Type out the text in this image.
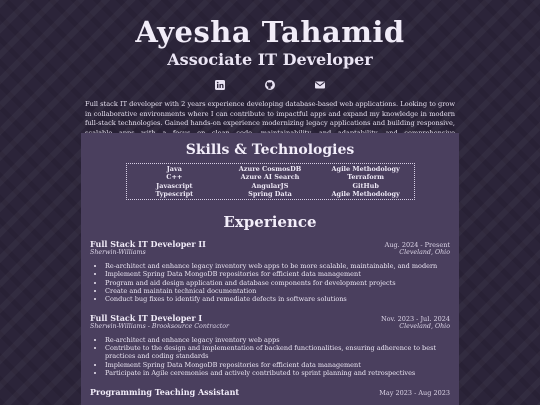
Ayesha Tahamid
Associate IT Developer

Full stack IT developer with 2 years experience developing database-based web applications. Looking to grow in collaborative environments where I can contribute to impactful apps and expand my knowledge in modern full-stack technologies. Gained hands-on experience modernizing legacy applications and building responsive,

Skills & Technologies
Java	Azure CosmosDB	Agile Methodology
C++	Azure AI Search	Terraform
Javascript	AngularJS	GitHub
Typescript	Spring Data	Agile Methodology
Experience
Full Stack IT Developer II	Aug. 2024 - Present
Sherwin-Williams	Cleveland, Ohio
• Re-architect and enhance legacy inventory web apps to be more scalable, maintainable, and modern
• Implement Spring Data MongoDB repositories for efficient data management
• Program and aid design application and database components for development projects
• Create and maintain technical documentation
• Conduct bug fixes to identify and remediate defects in software solutions
Full Stack IT Developer I	Nov. 2023 - Jul. 2024
Sherwin-Williams - Brooksource Contractor	Cleveland, Ohio
• Re-architect and enhance legacy inventory web apps
• Contribute to the design and implementation of backend functionalities, ensuring adherence to best practices and coding standards
• Implement Spring Data MongoDB repositories for efficient data management
• Participate in Agile ceremonies and actively contributed to sprint planning and retrospectives
Programming Teaching Assistant	May 2023 - Aug 2023
